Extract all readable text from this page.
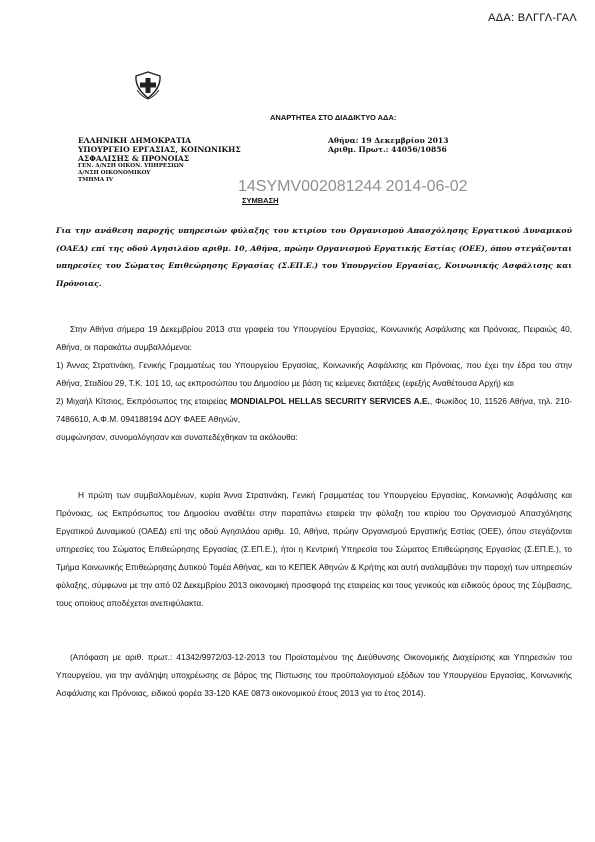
ΑΔΑ: ΒΛΓΓΛ-ΓΑΛ
ΑΝΑΡΤΗΤΕΑ ΣΤΟ ΔΙΑΔΙΚΤΥΟ ΑΔΑ:
ΕΛΛΗΝΙΚΗ ΔΗΜΟΚΡΑΤΙΑ
ΥΠΟΥΡΓΕΙΟ ΕΡΓΑΣΙΑΣ, ΚΟΙΝΩΝΙΚΗΣ
ΑΣΦΑΛΙΣΗΣ & ΠΡΟΝΟΙΑΣ
ΓΕΝ. Δ/ΝΣΗ ΟΙΚΟΝ. ΥΠΗΡΕΣΙΩΝ
Δ/ΝΣΗ ΟΙΚΟΝΟΜΙΚΟΥ
ΤΜΗΜΑ IV
Αθήνα: 19 Δεκεμβρίου 2013
Αριθμ. Πρωτ.: 44056/10856
14SYMV002081244 2014-06-02
ΣΥΜΒΑΣΗ
Για την ανάθεση παροχής υπηρεσιών φύλαξης του κτιρίου του Οργανισμού Απασχόλησης Εργατικού Δυναμικού (ΟΑΕΔ) επί της οδού Αγησιλάου αριθμ. 10, Αθήνα, πρώην Οργανισμού Εργατικής Εστίας (ΟΕΕ), όπου στεγάζονται υπηρεσίες του Σώματος Επιθεώρησης Εργασίας (Σ.ΕΠ.Ε.) του Υπουργείου Εργασίας, Κοινωνικής Ασφάλισης και Πρόνοιας.

Στην Αθήνα σήμερα 19 Δεκεμβρίου 2013 στα γραφεία του Υπουργείου Εργασίας, Κοινωνικής Ασφάλισης και Πρόνοιας, Πειραιώς 40, Αθήνα, οι παρακάτω συμβαλλόμενοι:

1) Άννας Στρατινάκη, Γενικής Γραμματέως του Υπουργείου Εργασίας, Κοινωνικής Ασφάλισης και Πρόνοιας, που έχει την έδρα του στην Αθήνα, Σταδίου 29, Τ.Κ. 101 10, ως εκπροσώπου του Δημοσίου με βάση τις κείμενες διατάξεις (εφεξής Αναθέτουσα Αρχή) και

2) Μιχαήλ Κίτσιος, Εκπρόσωπος της εταιρείας MONDIALPOL HELLAS SECURITY SERVICES A.E., Φωκίδος 10, 11526 Αθήνα, τηλ. 210-7486610, Α.Φ.Μ. 094188194 ΔΟΥ ΦΑΕΕ Αθηνών,

συμφώνησαν, συνομολόγησαν και συναπεδέχθηκαν τα ακόλουθα:

Η πρώτη των συμβαλλομένων, κυρία Άννα Στρατινάκη, Γενική Γραμματέας του Υπουργείου Εργασίας, Κοινωνικής Ασφάλισης και Πρόνοιας, ως Εκπρόσωπος του Δημοσίου αναθέτει στην παραπάνω εταιρεία την φύλαξη του κτιρίου του Οργανισμού Απασχόλησης Εργατικού Δυναμικού (ΟΑΕΔ) επί της οδού Αγησιλάου αριθμ. 10, Αθήνα, πρώην Οργανισμού Εργατικής Εστίας (ΟΕΕ), όπου στεγάζονται υπηρεσίες του Σώματος Επιθεώρησης Εργασίας (Σ.ΕΠ.Ε.), ήτοι η Κεντρική Υπηρεσία του Σώματος Επιθεώρησης Εργασίας (Σ.ΕΠ.Ε.), το Τμήμα Κοινωνικής Επιθεώρησης Δυτικού Τομέα Αθήνας, και το ΚΕΠΕΚ Αθηνών & Κρήτης και αυτή αναλαμβάνει την παροχή των υπηρεσιών φύλαξης, σύμφωνα με την από 02 Δεκεμβρίου 2013 οικονομική προσφορά της εταιρείας και τους γενικούς και ειδικούς όρους της Σύμβασης, τους οποίους αποδέχεται ανεπιφύλακτα.

(Απόφαση με αριθ. πρωτ.: 41342/9972/03-12-2013 του Προϊσταμένου της Διεύθυνσης Οικονομικής Διαχείρισης και Υπηρεσιών του Υπουργείου, για την ανάληψη υποχρέωσης σε βάρος της Πίστωσης του προϋπολογισμού εξόδων του Υπουργείου Εργασίας, Κοινωνικής Ασφάλισης και Πρόνοιας, ειδικού φορέα 33-120 ΚΑΕ 0873 οικονομικού έτους 2013 για το έτος 2014).
